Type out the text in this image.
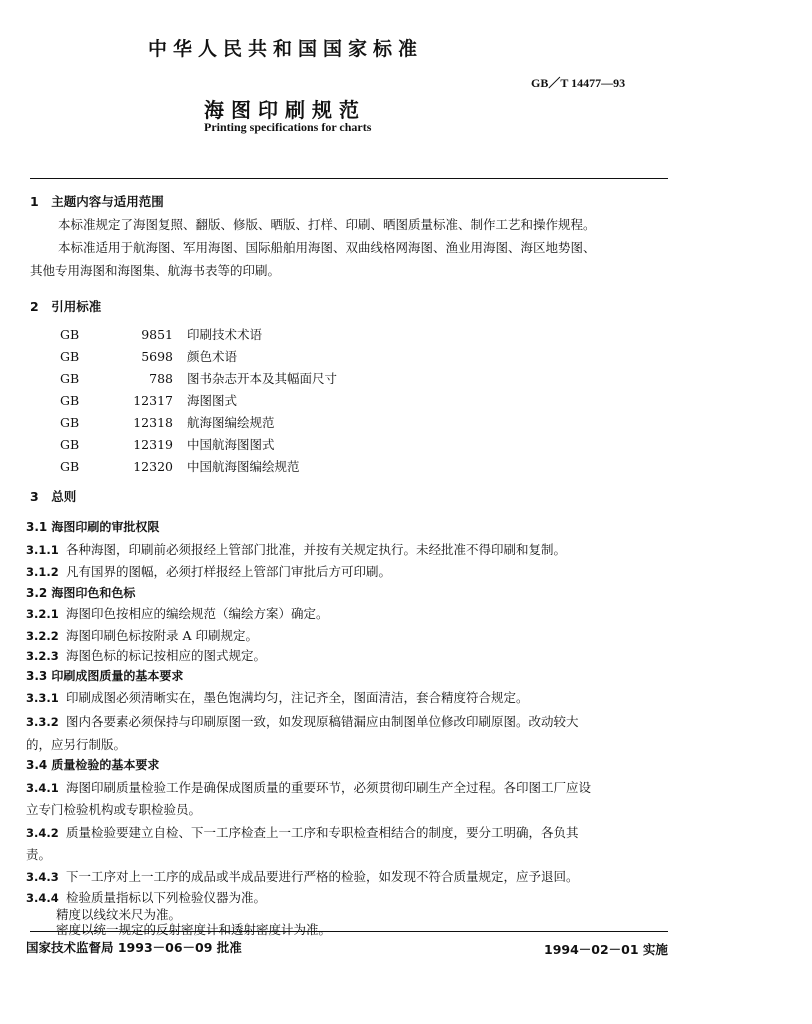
中华人民共和国国家标准
GB／T 14477—93
海图印刷规范
Printing specifications for charts
1　主题内容与适用范围
本标准规定了海图复照、翻版、修版、晒版、打样、印刷、晒图质量标准、制作工艺和操作规程。
本标准适用于航海图、军用海图、国际船舶用海图、双曲线格网海图、渔业用海图、海区地势图、
其他专用海图和海图集、航海书表等的印刷。
2　引用标准
GB	9851 印刷技术术语
GB	5698 颜色术语
GB	788 图书杂志开本及其幅面尺寸
GB	12317 海图图式
GB	12318 航海图编绘规范
GB	12319 中国航海图图式
GB	12320 中国航海图编绘规范
3　总则
3.1 海图印刷的审批权限
3.1.1 各种海图，印刷前必须报经上管部门批准，并按有关规定执行。未经批准不得印刷和复制。
3.1.2 凡有国界的图幅，必须打样报经上管部门审批后方可印刷。
3.2 海图印色和色标
3.2.1 海图印色按相应的编绘规范（编绘方案）确定。
3.2.2 海图印刷色标按附录 A 印刷规定。
3.2.3 海图色标的标记按相应的图式规定。
3.3 印刷成图质量的基本要求
3.3.1 印刷成图必须清晰实在，墨色饱满均匀，注记齐全，图面清洁，套合精度符合规定。
3.3.2 图内各要素必须保持与印刷原图一致，如发现原稿错漏应由制图单位修改印刷原图。改动较大
的，应另行制版。
3.4 质量检验的基本要求
3.4.1 海图印刷质量检验工作是确保成图质量的重要环节，必须贯彻印刷生产全过程。各印图工厂应设
立专门检验机构或专职检验员。
3.4.2 质量检验要建立自检、下一工序检查上一工序和专职检查相结合的制度，要分工明确，各负其
责。
3.4.3 下一工序对上一工序的成品或半成品要进行严格的检验，如发现不符合质量规定，应予退回。
3.4.4 检验质量指标以下列检验仪器为准。
精度以线纹米尺为准。
密度以统一规定的反射密度计和透射密度计为准。
国家技术监督局 1993－06－09 批准	1994－02－01 实施
